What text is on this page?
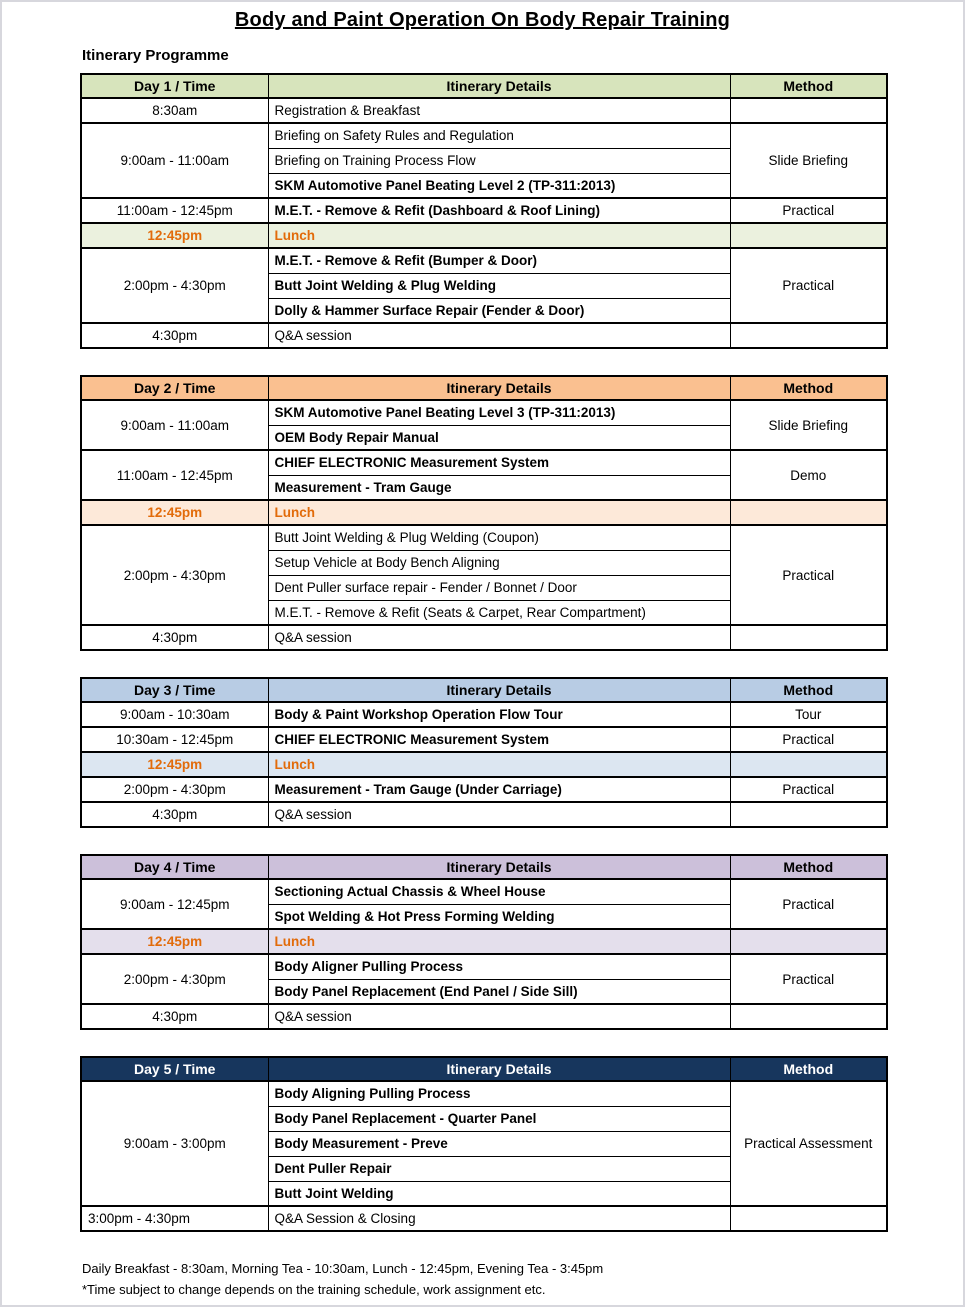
Body and Paint Operation On Body Repair Training
Itinerary Programme
Day 1 / Time	Itinerary Details	Method
8:30am	Registration & Breakfast	
9:00am - 11:00am	Briefing on Safety Rules and Regulation	Slide Briefing
	Briefing on Training Process Flow	
	SKM Automotive Panel Beating Level 2 (TP-311:2013)	
11:00am - 12:45pm	M.E.T. - Remove & Refit (Dashboard & Roof Lining)	Practical
12:45pm	Lunch	
2:00pm - 4:30pm	M.E.T. - Remove & Refit (Bumper & Door)	Practical
	Butt Joint Welding & Plug Welding	
	Dolly & Hammer Surface Repair (Fender & Door)	
4:30pm	Q&A session	
Day 2 / Time	Itinerary Details	Method
9:00am - 11:00am	SKM Automotive Panel Beating Level 3 (TP-311:2013)	Slide Briefing
	OEM Body Repair Manual	
11:00am - 12:45pm	CHIEF ELECTRONIC Measurement System	Demo
	Measurement - Tram Gauge	
12:45pm	Lunch	
2:00pm - 4:30pm	Butt Joint Welding & Plug Welding (Coupon)	Practical
	Setup Vehicle at Body Bench Aligning	
	Dent Puller surface repair - Fender / Bonnet / Door	
	M.E.T. - Remove & Refit (Seats & Carpet, Rear Compartment)	
4:30pm	Q&A session	
Day 3 / Time	Itinerary Details	Method
9:00am - 10:30am	Body & Paint Workshop Operation Flow Tour	Tour
10:30am - 12:45pm	CHIEF ELECTRONIC Measurement System	Practical
12:45pm	Lunch	
2:00pm - 4:30pm	Measurement - Tram Gauge (Under Carriage)	Practical
4:30pm	Q&A session	
Day 4 / Time	Itinerary Details	Method
9:00am - 12:45pm	Sectioning Actual Chassis & Wheel House	Practical
	Spot Welding & Hot Press Forming Welding	
12:45pm	Lunch	
2:00pm - 4:30pm	Body Aligner Pulling Process	Practical
	Body Panel Replacement (End Panel / Side Sill)	
4:30pm	Q&A session	
Day 5 / Time	Itinerary Details	Method
9:00am - 3:00pm	Body Aligning Pulling Process	Practical Assessment
	Body Panel Replacement - Quarter Panel	
	Body Measurement - Preve	
	Dent Puller Repair	
	Butt Joint Welding	
3:00pm - 4:30pm	Q&A Session & Closing	

Daily Breakfast - 8:30am, Morning Tea - 10:30am, Lunch - 12:45pm, Evening Tea - 3:45pm

*Time subject to change depends on the training schedule, work assignment etc.
